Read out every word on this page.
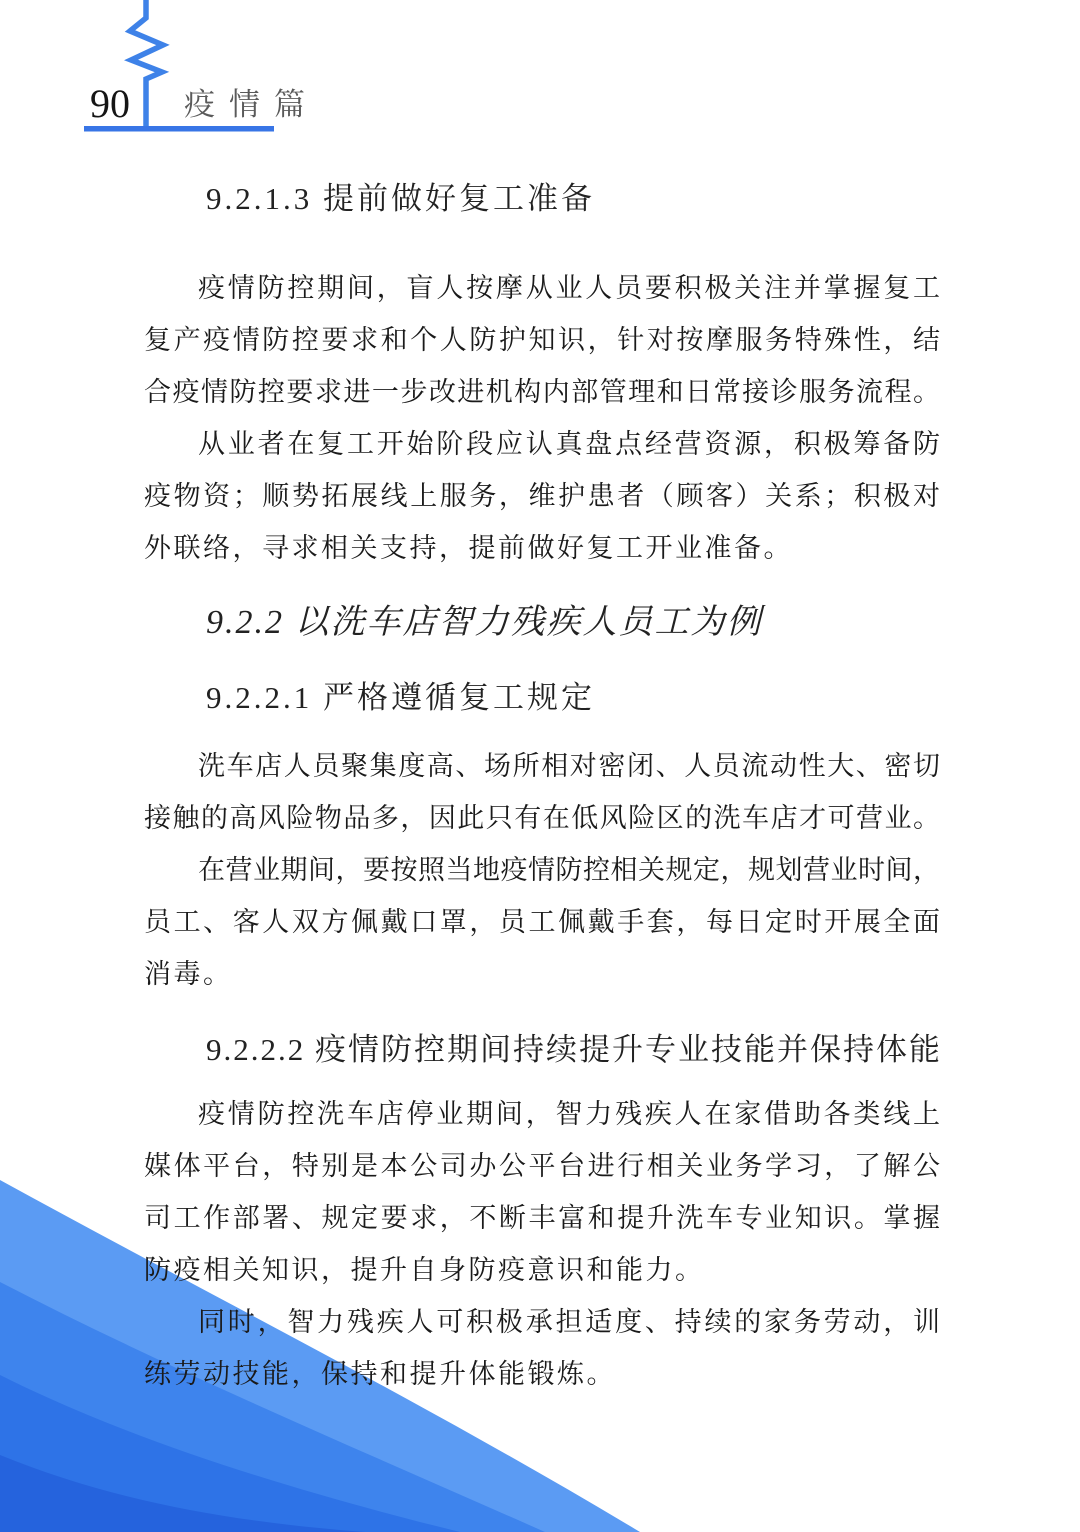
90 疫情篇
9.2.1.3 提前做好复工准备
疫情防控期间，盲人按摩从业人员要积极关注并掌握复工
复产疫情防控要求和个人防护知识，针对按摩服务特殊性，结
合疫情防控要求进一步改进机构内部管理和日常接诊服务流程。
从业者在复工开始阶段应认真盘点经营资源，积极筹备防
疫物资；顺势拓展线上服务，维护患者（顾客）关系；积极对
外联络，寻求相关支持，提前做好复工开业准备。
9.2.2 以洗车店智力残疾人员工为例
9.2.2.1 严格遵循复工规定
洗车店人员聚集度高、场所相对密闭、人员流动性大、密切
接触的高风险物品多，因此只有在低风险区的洗车店才可营业。
在营业期间，要按照当地疫情防控相关规定，规划营业时间，
员工、客人双方佩戴口罩，员工佩戴手套，每日定时开展全面
消毒。
9.2.2.2 疫情防控期间持续提升专业技能并保持体能
疫情防控洗车店停业期间，智力残疾人在家借助各类线上
媒体平台，特别是本公司办公平台进行相关业务学习，了解公
司工作部署、规定要求，不断丰富和提升洗车专业知识。掌握
防疫相关知识，提升自身防疫意识和能力。
同时，智力残疾人可积极承担适度、持续的家务劳动，训
练劳动技能，保持和提升体能锻炼。
